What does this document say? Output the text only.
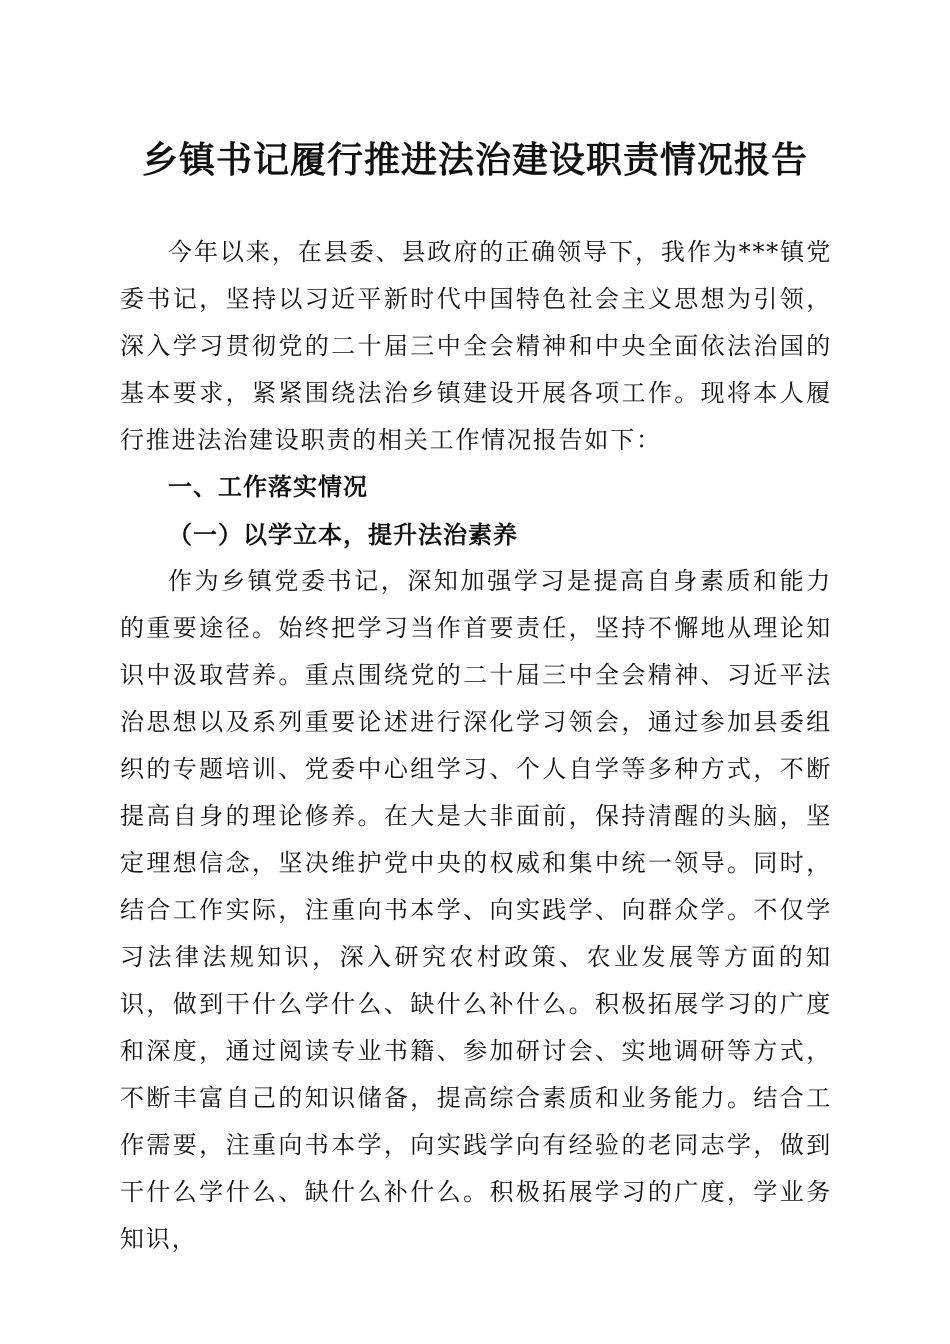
乡镇书记履行推进法治建设职责情况报告

今年以来，在县委、县政府的正确领导下，我作为***镇党委书记，坚持以习近平新时代中国特色社会主义思想为引领，深入学习贯彻党的二十届三中全会精神和中央全面依法治国的基本要求，紧紧围绕法治乡镇建设开展各项工作。现将本人履行推进法治建设职责的相关工作情况报告如下：

一、工作落实情况

（一）以学立本，提升法治素养

作为乡镇党委书记，深知加强学习是提高自身素质和能力的重要途径。始终把学习当作首要责任，坚持不懈地从理论知识中汲取营养。重点围绕党的二十届三中全会精神、习近平法治思想以及系列重要论述进行深化学习领会，通过参加县委组织的专题培训、党委中心组学习、个人自学等多种方式，不断提高自身的理论修养。在大是大非面前，保持清醒的头脑，坚定理想信念，坚决维护党中央的权威和集中统一领导。同时，结合工作实际，注重向书本学、向实践学、向群众学。不仅学习法律法规知识，深入研究农村政策、农业发展等方面的知识，做到干什么学什么、缺什么补什么。积极拓展学习的广度和深度，通过阅读专业书籍、参加研讨会、实地调研等方式，不断丰富自己的知识储备，提高综合素质和业务能力。结合工作需要，注重向书本学，向实践学向有经验的老同志学，做到干什么学什么、缺什么补什么。积极拓展学习的广度，学业务知识，
